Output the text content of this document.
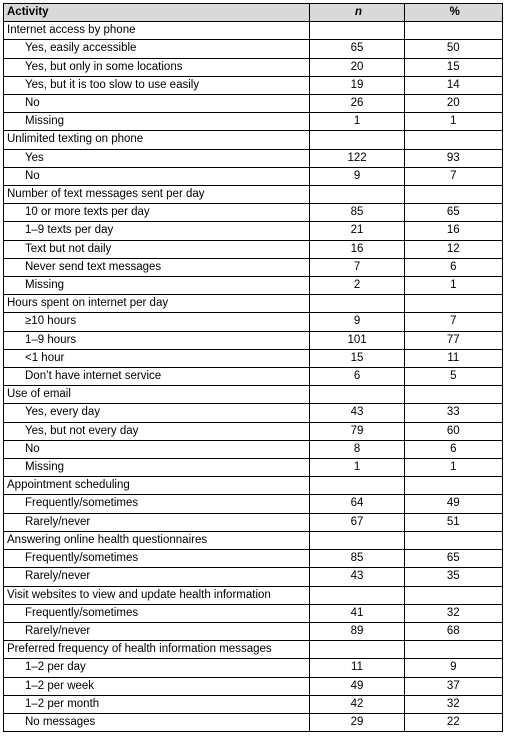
Activity	n	%
Internet access by phone		
Yes, easily accessible	65	50
Yes, but only in some locations	20	15
Yes, but it is too slow to use easily	19	14
No	26	20
Missing	1	1
Unlimited texting on phone		
Yes	122	93
No	9	7
Number of text messages sent per day		
10 or more texts per day	85	65
1–9 texts per day	21	16
Text but not daily	16	12
Never send text messages	7	6
Missing	2	1
Hours spent on internet per day		
≥10 hours	9	7
1–9 hours	101	77
<1 hour	15	11
Don’t have internet service	6	5
Use of email		
Yes, every day	43	33
Yes, but not every day	79	60
No	8	6
Missing	1	1
Appointment scheduling		
Frequently/sometimes	64	49
Rarely/never	67	51
Answering online health questionnaires		
Frequently/sometimes	85	65
Rarely/never	43	35
Visit websites to view and update health information		
Frequently/sometimes	41	32
Rarely/never	89	68
Preferred frequency of health information messages		
1–2 per day	11	9
1–2 per week	49	37
1–2 per month	42	32
No messages	29	22
